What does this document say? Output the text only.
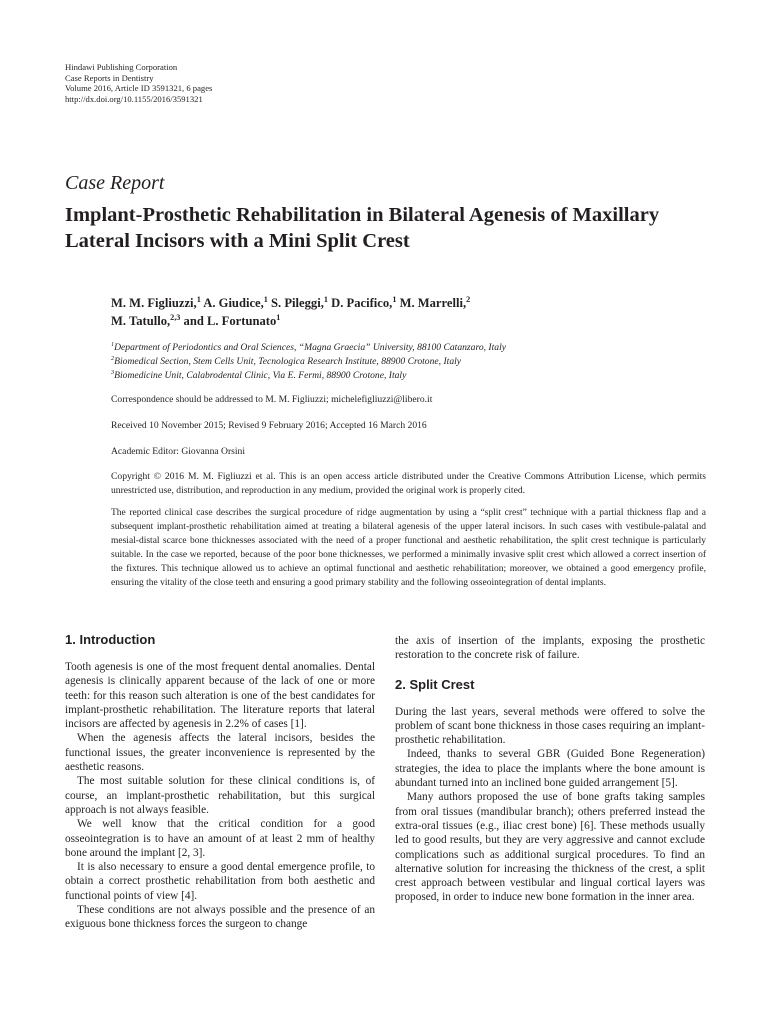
Hindawi Publishing Corporation
Case Reports in Dentistry
Volume 2016, Article ID 3591321, 6 pages
http://dx.doi.org/10.1155/2016/3591321
Case Report
Implant-Prosthetic Rehabilitation in Bilateral Agenesis of Maxillary Lateral Incisors with a Mini Split Crest
M. M. Figliuzzi,$^1$ A. Giudice,$^1$ S. Pileggi,$^1$ D. Pacifico,$^1$ M. Marrelli,$^2$
M. Tatullo,$^{2,3}$ and L. Fortunato$^1$
$^1$Department of Periodontics and Oral Sciences, “Magna Graecia” University, 88100 Catanzaro, Italy
$^2$Biomedical Section, Stem Cells Unit, Tecnologica Research Institute, 88900 Crotone, Italy
$^3$Biomedicine Unit, Calabrodental Clinic, Via E. Fermi, 88900 Crotone, Italy
Correspondence should be addressed to M. M. Figliuzzi; michelefigliuzzi@libero.it
Received 10 November 2015; Revised 9 February 2016; Accepted 16 March 2016
Academic Editor: Giovanna Orsini
Copyright © 2016 M. M. Figliuzzi et al. This is an open access article distributed under the Creative Commons Attribution License, which permits unrestricted use, distribution, and reproduction in any medium, provided the original work is properly cited.
The reported clinical case describes the surgical procedure of ridge augmentation by using a “split crest” technique with a partial thickness flap and a subsequent implant-prosthetic rehabilitation aimed at treating a bilateral agenesis of the upper lateral incisors. In such cases with vestibule-palatal and mesial-distal scarce bone thicknesses associated with the need of a proper functional and aesthetic rehabilitation, the split crest technique is particularly suitable. In the case we reported, because of the poor bone thicknesses, we performed a minimally invasive split crest which allowed a correct insertion of the fixtures. This technique allowed us to achieve an optimal functional and aesthetic rehabilitation; moreover, we obtained a good emergency profile, ensuring the vitality of the close teeth and ensuring a good primary stability and the following osseointegration of dental implants.
1. Introduction

Tooth agenesis is one of the most frequent dental anomalies. Dental agenesis is clinically apparent because of the lack of one or more teeth: for this reason such alteration is one of the best candidates for implant-prosthetic rehabilitation. The literature reports that lateral incisors are affected by agenesis in 2.2% of cases [1].

When the agenesis affects the lateral incisors, besides the functional issues, the greater inconvenience is represented by the aesthetic reasons.

The most suitable solution for these clinical conditions is, of course, an implant-prosthetic rehabilitation, but this surgical approach is not always feasible.

We well know that the critical condition for a good osseointegration is to have an amount of at least 2 mm of healthy bone around the implant [2, 3].

It is also necessary to ensure a good dental emergence profile, to obtain a correct prosthetic rehabilitation from both aesthetic and functional points of view [4].

These conditions are not always possible and the presence of an exiguous bone thickness forces the surgeon to change

the axis of insertion of the implants, exposing the prosthetic restoration to the concrete risk of failure.

2. Split Crest

During the last years, several methods were offered to solve the problem of scant bone thickness in those cases requiring an implant-prosthetic rehabilitation.

Indeed, thanks to several GBR (Guided Bone Regeneration) strategies, the idea to place the implants where the bone amount is abundant turned into an inclined bone guided arrangement [5].

Many authors proposed the use of bone grafts taking samples from oral tissues (mandibular branch); others preferred instead the extra-oral tissues (e.g., iliac crest bone) [6]. These methods usually led to good results, but they are very aggressive and cannot exclude complications such as additional surgical procedures. To find an alternative solution for increasing the thickness of the crest, a split crest approach between vestibular and lingual cortical layers was proposed, in order to induce new bone formation in the inner area.
